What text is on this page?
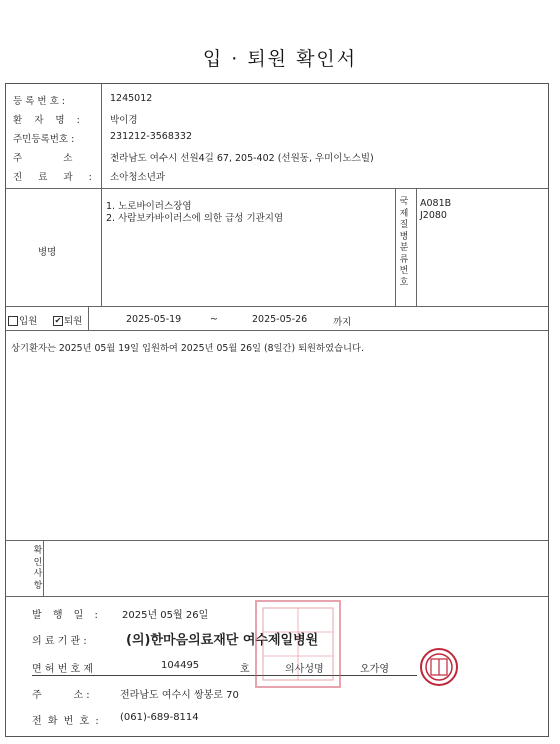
입 · 퇴원 확인서
등 록 번 호 :	1245012
환 자 명 :	박이경
주민등록번호 :	231212-3568332
주 소 :
전라남도 여수시 선원4길 67, 205-402 (선원동, 우미이노스빌)
진 료 과 : 소아청소년과
병명
1. 노로바이러스장염
2. 사람보카바이러스에 의한 급성 기관지염
국
제
질
병
분
류
번
호
A081B
J2080
입원 ✔ 퇴원	2025-05-19	~	2025-05-26	까지
상기환자는 2025년 05월 19일 입원하여 2025년 05월 26일 (8일간) 퇴원하였습니다.
확
인
사
항
발 행 일 : 2025년 05월 26일
의 료 기 관 :	(의)한마음의료재단 여수제일병원
면 허 번 호 제	104495	호	의사성명	오가영
주          소 :	전라남도 여수시 쌍봉로 70
전 화 번 호 : (061)-689-8114
